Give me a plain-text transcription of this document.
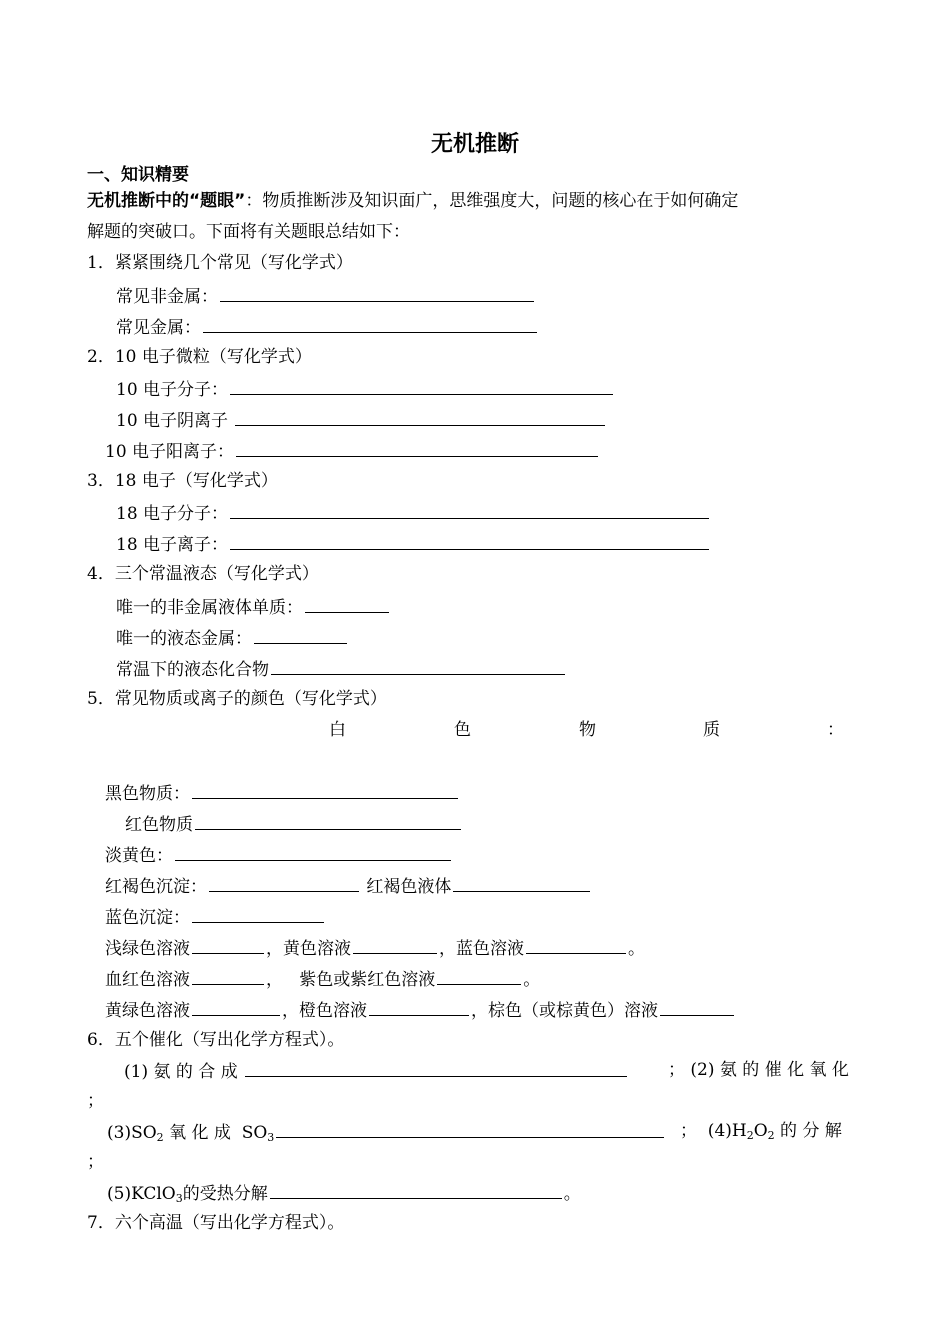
无机推断
一、知识精要
无机推断中的“题眼”：物质推断涉及知识面广，思维强度大，问题的核心在于如何确定
解题的突破口。下面将有关题眼总结如下：
1．紧紧围绕几个常见（写化学式）
常见非金属：
常见金属：
2．10 电子微粒（写化学式）
10 电子分子：
10 电子阴离子
10 电子阳离子：
3．18 电子（写化学式）
18 电子分子：
18 电子离子：
4．三个常温液态（写化学式）
唯一的非金属液体单质：
唯一的液态金属：
常温下的液态化合物
5．常见物质或离子的颜色（写化学式）
白	色	物	质	：
黑色物质：
红色物质
淡黄色：
红褐色沉淀：	红褐色液体
蓝色沉淀：
浅绿色溶液	，黄色溶液	，蓝色溶液	。
血红色溶液	，   紫色或紫红色溶液	。
黄绿色溶液	，橙色溶液	，棕色（或棕黄色）溶液
6．五个催化（写出化学方程式）。
(1) 氨 的 合 成	； (2) 氨 的 催 化 氧 化
；
$(3)SO_2$ 氧 化 成  $SO_3$	；  $(4)H_2O_2$ 的 分 解
；
(5)KClO$_3$的受热分解	。
7．六个高温（写出化学方程式）。
